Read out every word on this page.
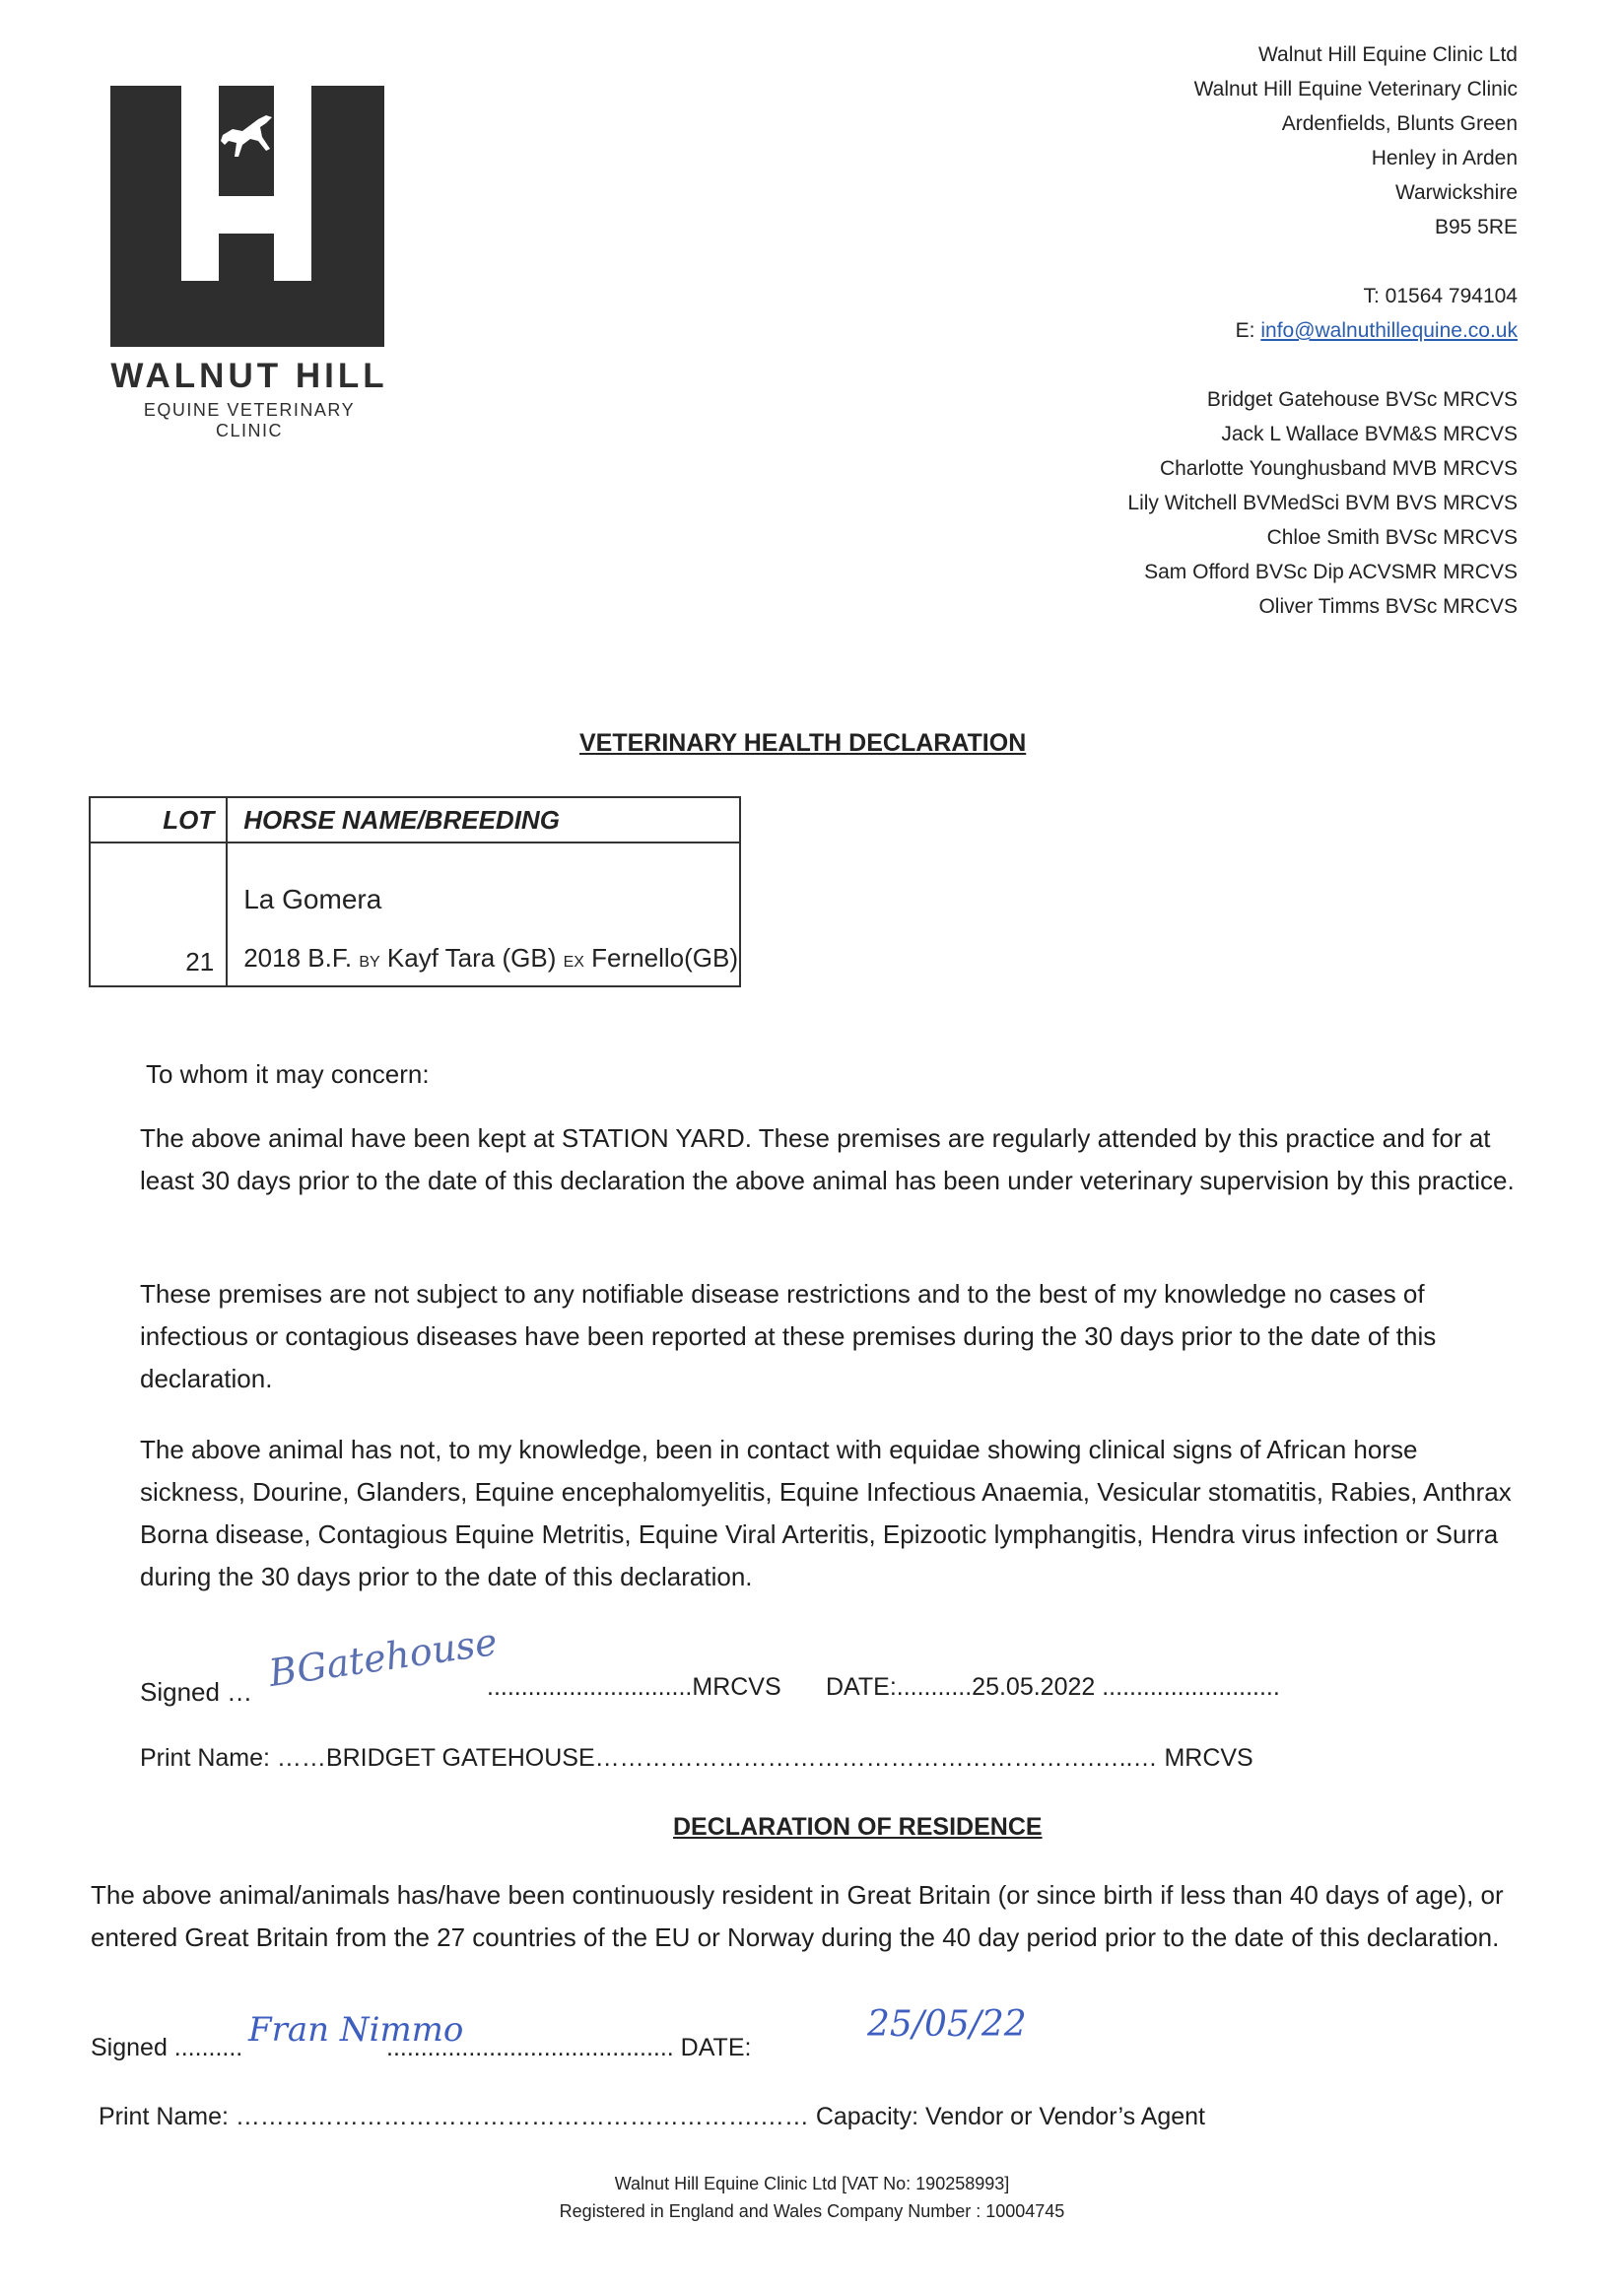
WALNUT HILL
EQUINE VETERINARY CLINIC
Walnut Hill Equine Clinic Ltd
Walnut Hill Equine Veterinary Clinic
Ardenfields, Blunts Green
Henley in Arden
Warwickshire
B95 5RE
T: 01564 794104
E: info@walnuthillequine.co.uk
Bridget Gatehouse BVSc MRCVS
Jack L Wallace BVM&S MRCVS
Charlotte Younghusband MVB MRCVS
Lily Witchell BVMedSci BVM BVS MRCVS
Chloe Smith BVSc MRCVS
Sam Offord BVSc Dip ACVSMR MRCVS
Oliver Timms BVSc MRCVS
VETERINARY HEALTH DECLARATION
LOT	HORSE NAME/BREEDING
21	La Gomera
2018 B.F. BY Kayf Tara (GB) EX Fernello(GB)
To whom it may concern:
The above animal have been kept at STATION YARD. These premises are regularly attended by this practice and for at least 30 days prior to the date of this declaration the above animal has been under veterinary supervision by this practice.
These premises are not subject to any notifiable disease restrictions and to the best of my knowledge no cases of infectious or contagious diseases have been reported at these premises during the 30 days prior to the date of this declaration.
The above animal has not, to my knowledge, been in contact with equidae showing clinical signs of African horse sickness, Dourine, Glanders, Equine encephalomyelitis, Equine Infectious Anaemia, Vesicular stomatitis, Rabies, Anthrax Borna disease, Contagious Equine Metritis, Equine Viral Arteritis, Epizootic lymphangitis, Hendra virus infection or Surra during the 30 days prior to the date of this declaration.
Signed … BGatehouse
..............................MRCVS DATE:...........25.05.2022 ..........................
Print Name: ……BRIDGET GATEHOUSE…………………………………………………….…..… MRCVS
DECLARATION OF RESIDENCE
The above animal/animals has/have been continuously resident in Great Britain (or since birth if less than 40 days of age), or entered Great Britain from the 27 countries of the EU or Norway during the 40 day period prior to the date of this declaration.
Signed .......... Fran Nimmo
.......................................... DATE:
25/05/22
Print Name: ……………………………………………………….…… Capacity: Vendor or Vendor’s Agent
Walnut Hill Equine Clinic Ltd [VAT No: 190258993]
Registered in England and Wales Company Number : 10004745
